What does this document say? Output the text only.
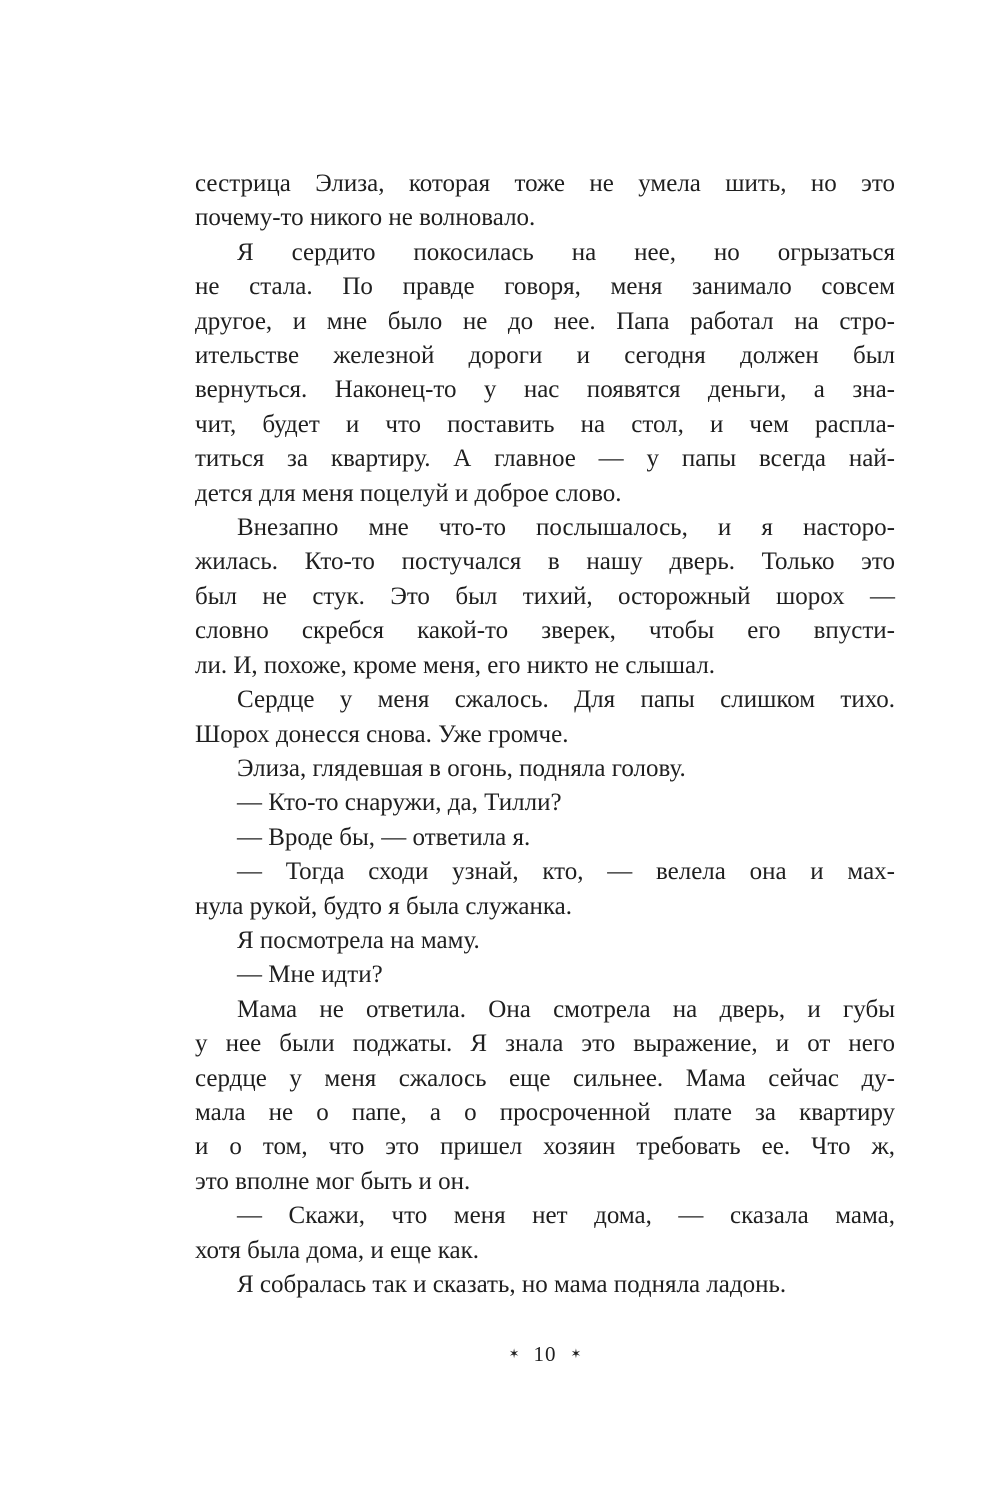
сестрица Элиза, которая тоже не умела шить, но это
почему-то никого не волновало.
Я сердито покосилась на нее, но огрызаться
не стала. По правде говоря, меня занимало совсем
другое, и мне было не до нее. Папа работал на стро-
ительстве железной дороги и сегодня должен был
вернуться. Наконец-то у нас появятся деньги, а зна-
чит, будет и что поставить на стол, и чем распла-
титься за квартиру. А главное — у папы всегда най-
дется для меня поцелуй и доброе слово.
Внезапно мне что-то послышалось, и я насторо-
жилась. Кто-то постучался в нашу дверь. Только это
был не стук. Это был тихий, осторожный шорох —
словно скребся какой-то зверек, чтобы его впусти-
ли. И, похоже, кроме меня, его никто не слышал.
Сердце у меня сжалось. Для папы слишком тихо.
Шорох донесся снова. Уже громче.
Элиза, глядевшая в огонь, подняла голову.
— Кто-то снаружи, да, Тилли?
— Вроде бы, — ответила я.
— Тогда сходи узнай, кто, — велела она и мах-
нула рукой, будто я была служанка.
Я посмотрела на маму.
— Мне идти?
Мама не ответила. Она смотрела на дверь, и губы
у нее были поджаты. Я знала это выражение, и от него
сердце у меня сжалось еще сильнее. Мама сейчас ду-
мала не о папе, а о просроченной плате за квартиру
и о том, что это пришел хозяин требовать ее. Что ж,
это вполне мог быть и он.
— Скажи, что меня нет дома, — сказала мама,
хотя была дома, и еще как.
Я собралась так и сказать, но мама подняла ладонь.
✶ 10 ✶
